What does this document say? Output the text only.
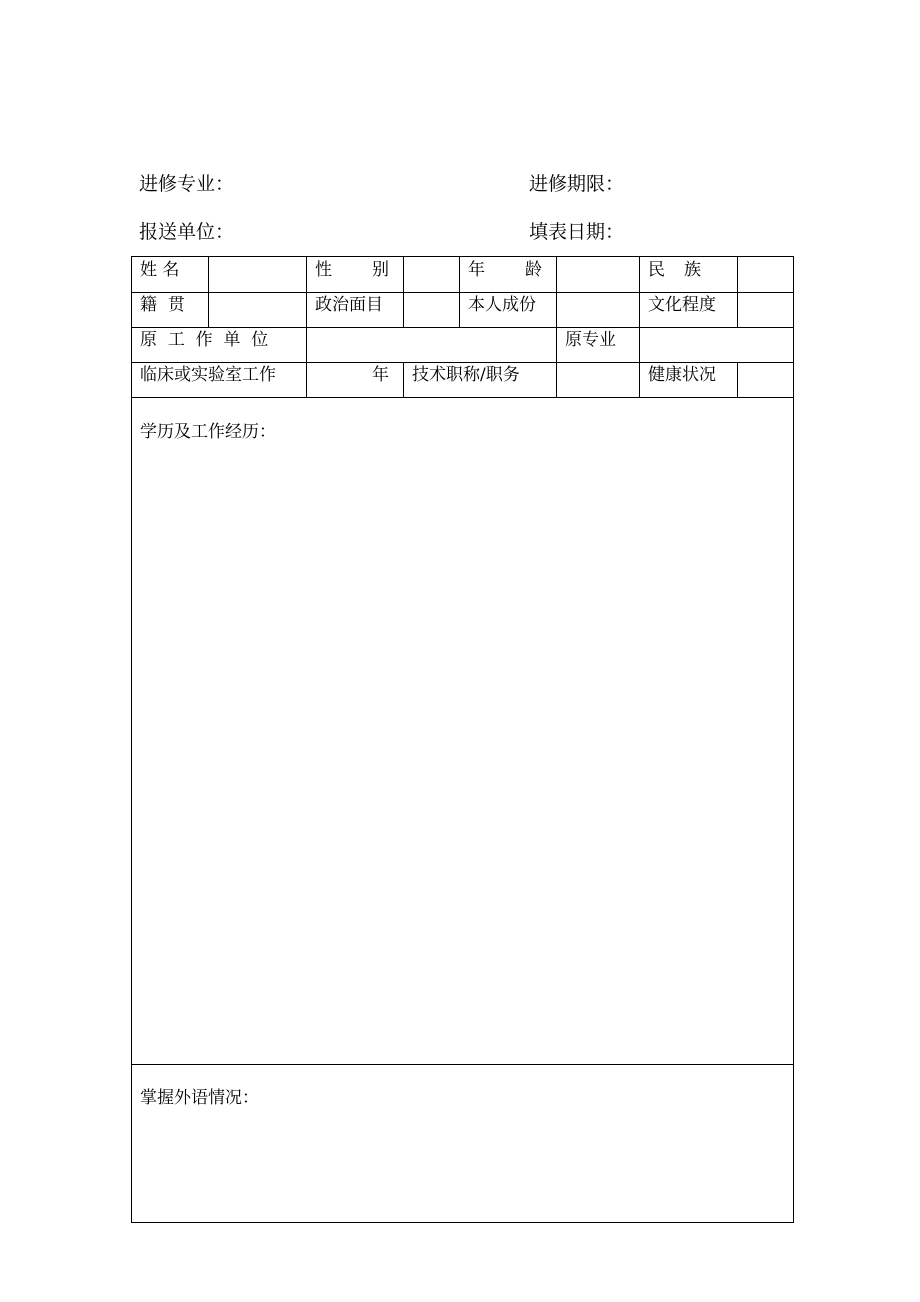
进修专业：	进修期限：
报送单位：	填表日期：
姓 名		性 别		年 龄		民 族	

籍 贯		政治面目		本人成份		文化程度	
原 工 作 单 位					原专业		
临床或实验室工作		年	技术职称/职务			健康状况	
学历及工作经历：							
掌握外语情况：							
